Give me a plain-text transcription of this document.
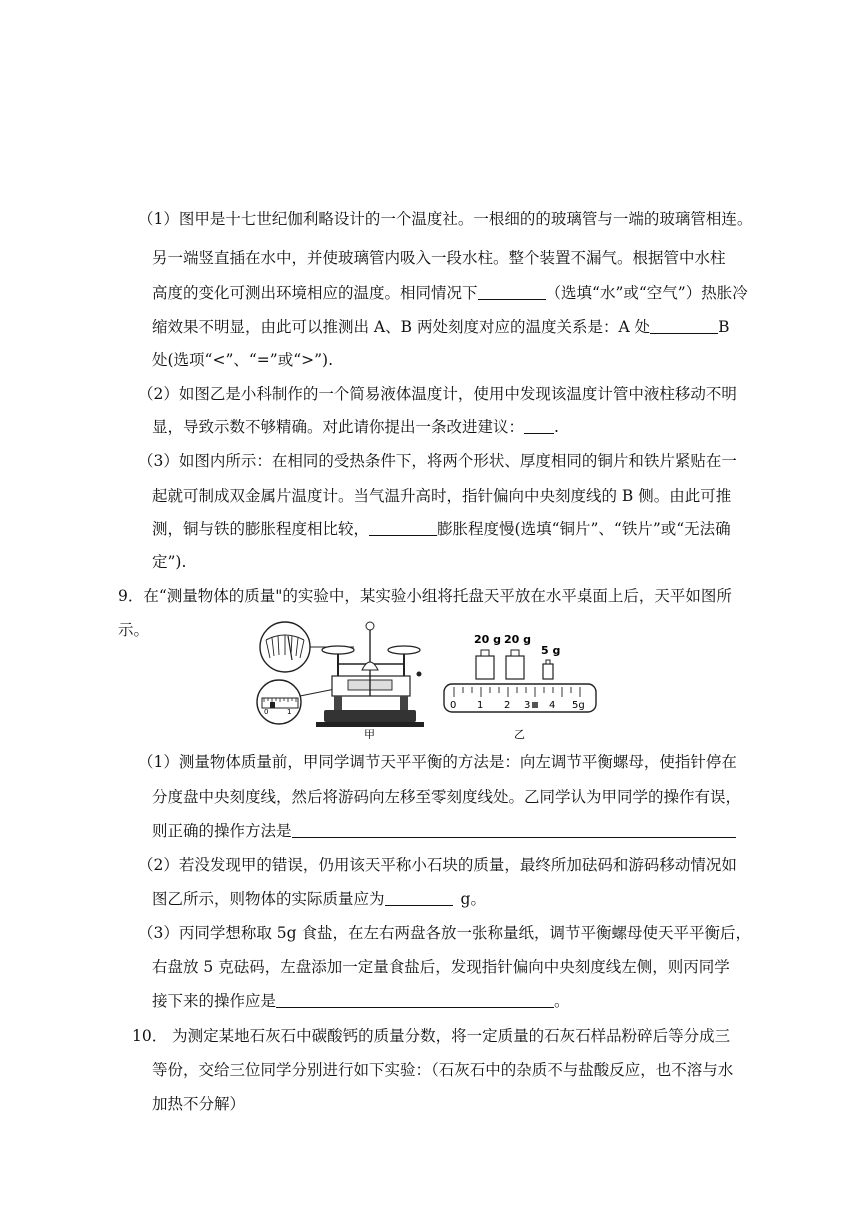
（1）图甲是十七世纪伽利略设计的一个温度社。一根细的的玻璃管与一端的玻璃管相连。
另一端竖直插在水中，并使玻璃管内吸入一段水柱。整个装置不漏气。根据管中水柱
高度的变化可测出环境相应的温度。相同情况下	（选填“水”或“空气”）热胀冷
缩效果不明显，由此可以推测出 A、B 两处刻度对应的温度关系是：A 处	B
处(选项“<”、“=”或“>”).
（2）如图乙是小科制作的一个简易液体温度计，使用中发现该温度计管中液柱移动不明
显，导致示数不够精确。对此请你提出一条改进建议： .
（3）如图内所示：在相同的受热条件下，将两个形状、厚度相同的铜片和铁片紧贴在一
起就可制成双金属片温度计。当气温升高时，指针偏向中央刻度线的 B 侧。由此可推
测，铜与铁的膨胀程度相比较，	膨胀程度慢(选填“铜片”、“铁片”或“无法确
定”).
9．在“测量物体的质量"的实验中，某实验小组将托盘天平放在水平桌面上后，天平如图所
示。
0	1
20 g 20 g
5 g
0 1 2 3 4 5g
甲	乙
（1）测量物体质量前，甲同学调节天平平衡的方法是：向左调节平衡螺母，使指针停在
分度盘中央刻度线，然后将游码向左移至零刻度线处。乙同学认为甲同学的操作有误，
则正确的操作方法是
（2）若没发现甲的错误，仍用该天平称小石块的质量，最终所加砝码和游码移动情况如
图乙所示，则物体的实际质量应为	g。
（3）丙同学想称取 5g 食盐，在左右两盘各放一张称量纸，调节平衡螺母使天平平衡后，
右盘放 5 克砝码，左盘添加一定量食盐后，发现指针偏向中央刻度线左侧，则丙同学
接下来的操作应是	。
10． 为测定某地石灰石中碳酸钙的质量分数，将一定质量的石灰石样品粉碎后等分成三
等份，交给三位同学分别进行如下实验：（石灰石中的杂质不与盐酸反应，也不溶与水
加热不分解）
